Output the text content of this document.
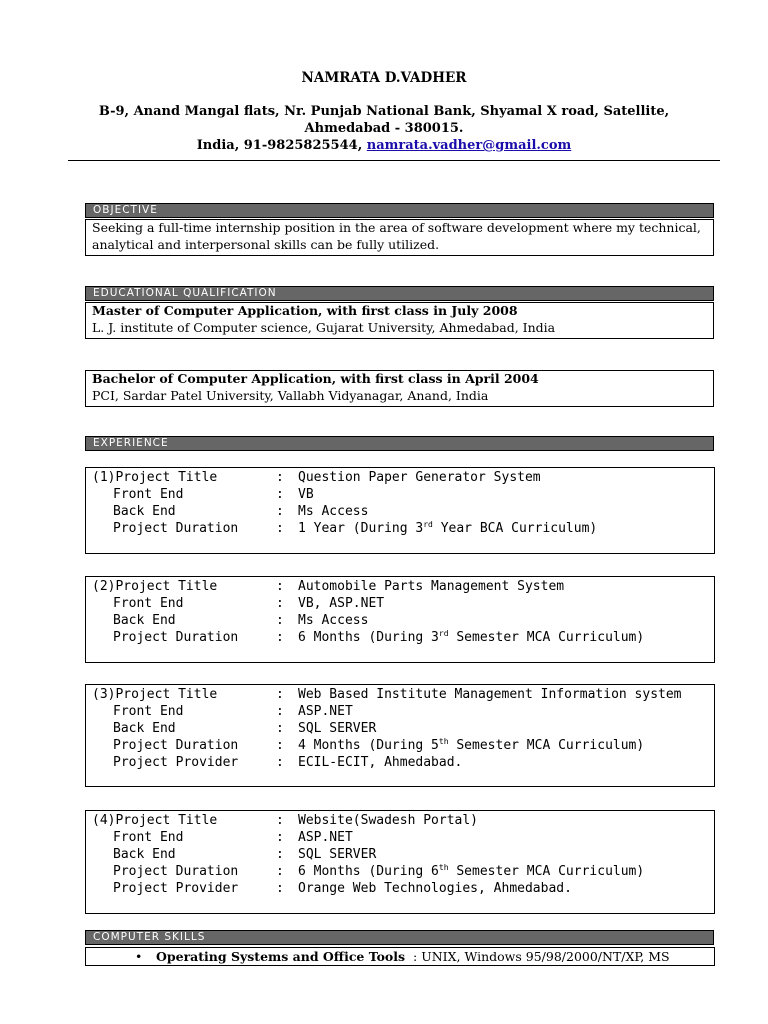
NAMRATA D.VADHER
B-9, Anand Mangal flats, Nr. Punjab National Bank, Shyamal X road, Satellite,
Ahmedabad - 380015.
India, 91-9825825544, namrata.vadher@gmail.com
OBJECTIVE
Seeking a full-time internship position in the area of software development where my technical,
analytical and interpersonal skills can be fully utilized.
EDUCATIONAL QUALIFICATION
Master of Computer Application, with first class in July 2008
L. J. institute of Computer science, Gujarat University, Ahmedabad, India
Bachelor of Computer Application, with first class in April 2004
PCI, Sardar Patel University, Vallabh Vidyanagar, Anand, India
EXPERIENCE
(1)Project Title	: Question Paper Generator System
Front End	: VB
Back End	: Ms Access
Project Duration	: 1 Year (During 3rd Year BCA Curriculum)
(2)Project Title	: Automobile Parts Management System
Front End	: VB, ASP.NET
Back End	: Ms Access
Project Duration	: 6 Months (During 3rd Semester MCA Curriculum)
(3)Project Title	: Web Based Institute Management Information system
Front End	: ASP.NET
Back End	: SQL SERVER
Project Duration	: 4 Months (During 5th Semester MCA Curriculum)
Project Provider	: ECIL-ECIT, Ahmedabad.
(4)Project Title	: Website(Swadesh Portal)
Front End	: ASP.NET
Back End	: SQL SERVER
Project Duration	: 6 Months (During 6th Semester MCA Curriculum)
Project Provider	: Orange Web Technologies, Ahmedabad.
COMPUTER SKILLS
• Operating Systems and Office Tools  : UNIX, Windows 95/98/2000/NT/XP, MS
